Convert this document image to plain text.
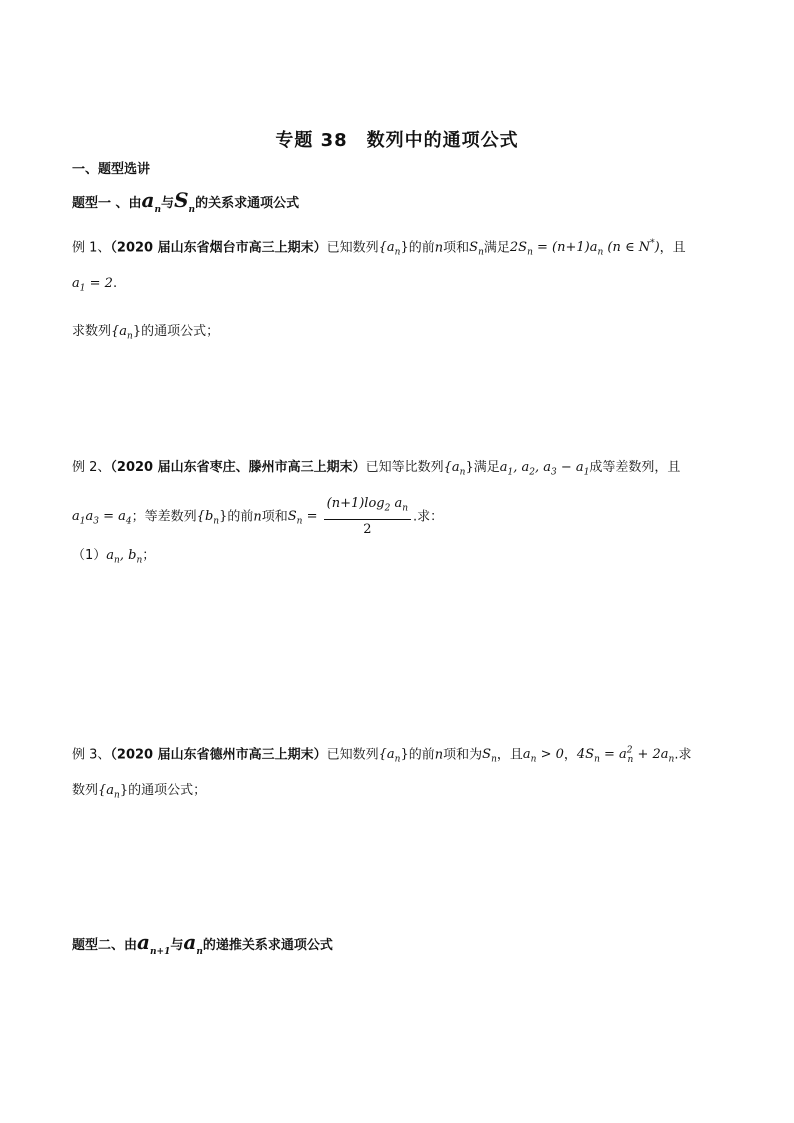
专题 38　数列中的通项公式
一、题型选讲
题型一 、由$a_n$与$S_n$的关系求通项公式
例 1、（2020 届山东省烟台市高三上期末）已知数列$\{a_n\}$的前n项和$S_n$满足$2S_n = (n+1)a_n$ (n ∈ N*)，且
$a_1 = 2$.
求数列$\{a_n\}$的通项公式；
例 2、（2020 届山东省枣庄、滕州市高三上期末）已知等比数列$\{a_n\}$满足$a_1$, $a_2$, $a_3 - a_1$成等差数列，且
$a_1a_3 = a_4$；等差数列$\{b_n\}$的前n项和$S_n = \frac{(n+1)\log_2 a_n}{2}$ .求：
$(1)a_n$, $b_n$；
例 3、（2020 届山东省德州市高三上期末）已知数列$\{a_n\}$的前n项和为$S_n$，且$a_n > 0$，$4S_n = a^2_n + 2a_n$.求
数列$\{a_n\}$的通项公式；
题型二、由$a_{n+1}$与$a_n$的递推关系求通项公式
